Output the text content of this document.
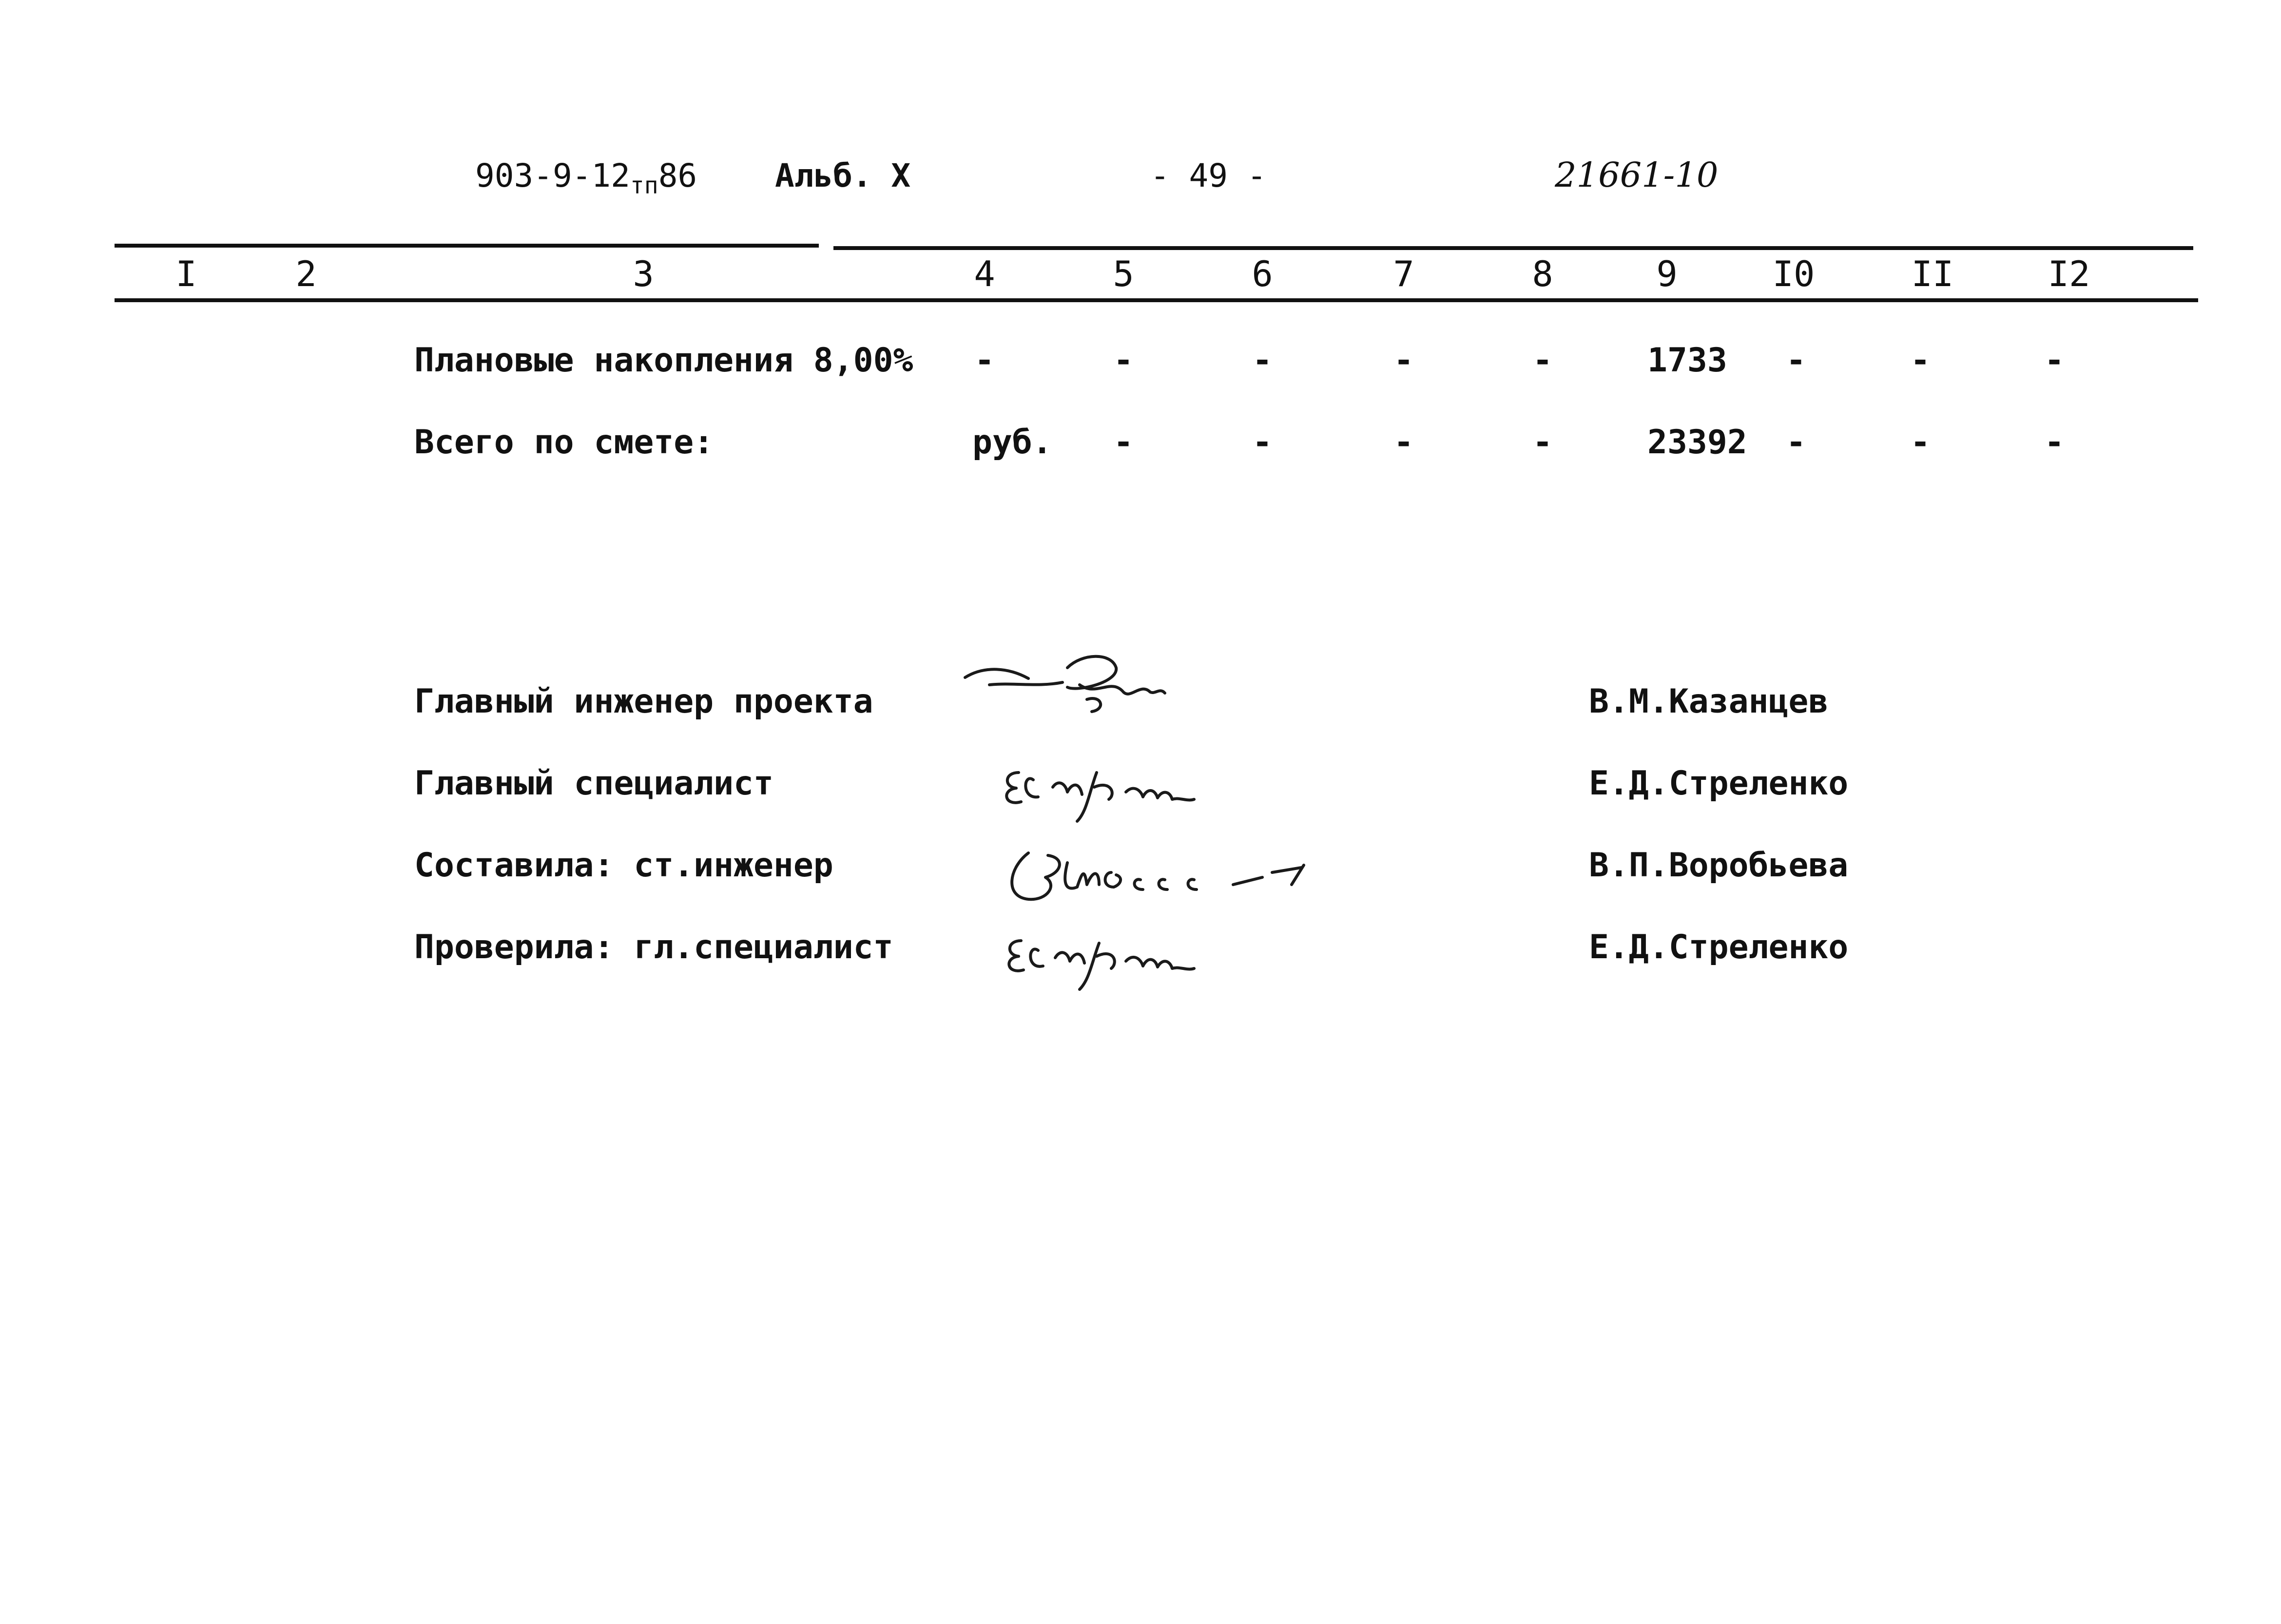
$903-9-12_{тп}86$ Альб. X	- 49 -	21661-10
I	2	3	4	5	6	7	8	9	I0	II	I2
Плановые накопления 8,00%	-	-	-	-	-	1733	-	-	-
Всего по смете:	руб.	-	-	-	-	23392	-	-	-
Главный инженер проекта	В.М.Казанцев
Главный специалист	Е.Д.Стреленко
Составила: ст.инженер	В.П.Воробьева
Проверила: гл.специалист	Е.Д.Стреленко
